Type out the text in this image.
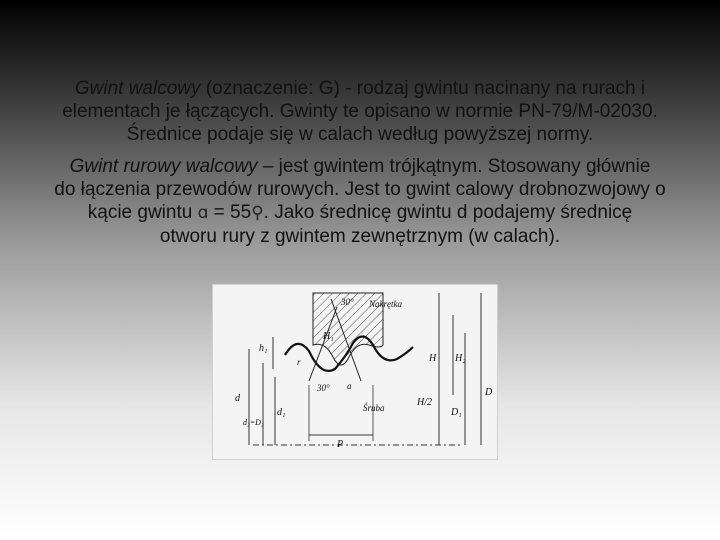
Gwint walcowy (oznaczenie: G) - rodzaj gwintu nacinany na rurach i
elementach je łączących. Gwinty te opisano w normie PN-79/M-02030.
Średnice podaje się w calach według powyższej normy.
Gwint rurowy walcowy – jest gwintem trójkątnym. Stosowany głównie
do łączenia przewodów rurowych. Jest to gwint calowy drobnozwojowy o
kącie gwintu ɑ = 55⚲. Jako średnicę gwintu d podajemy średnicę
otworu rury z gwintem zewnętrznym (w calach).
Nakrętka
30°
30°
Śruba
H H₂
H/2
H₁
h₁
D
D₁
d
d₂=D₂
d₁
P
r
a
